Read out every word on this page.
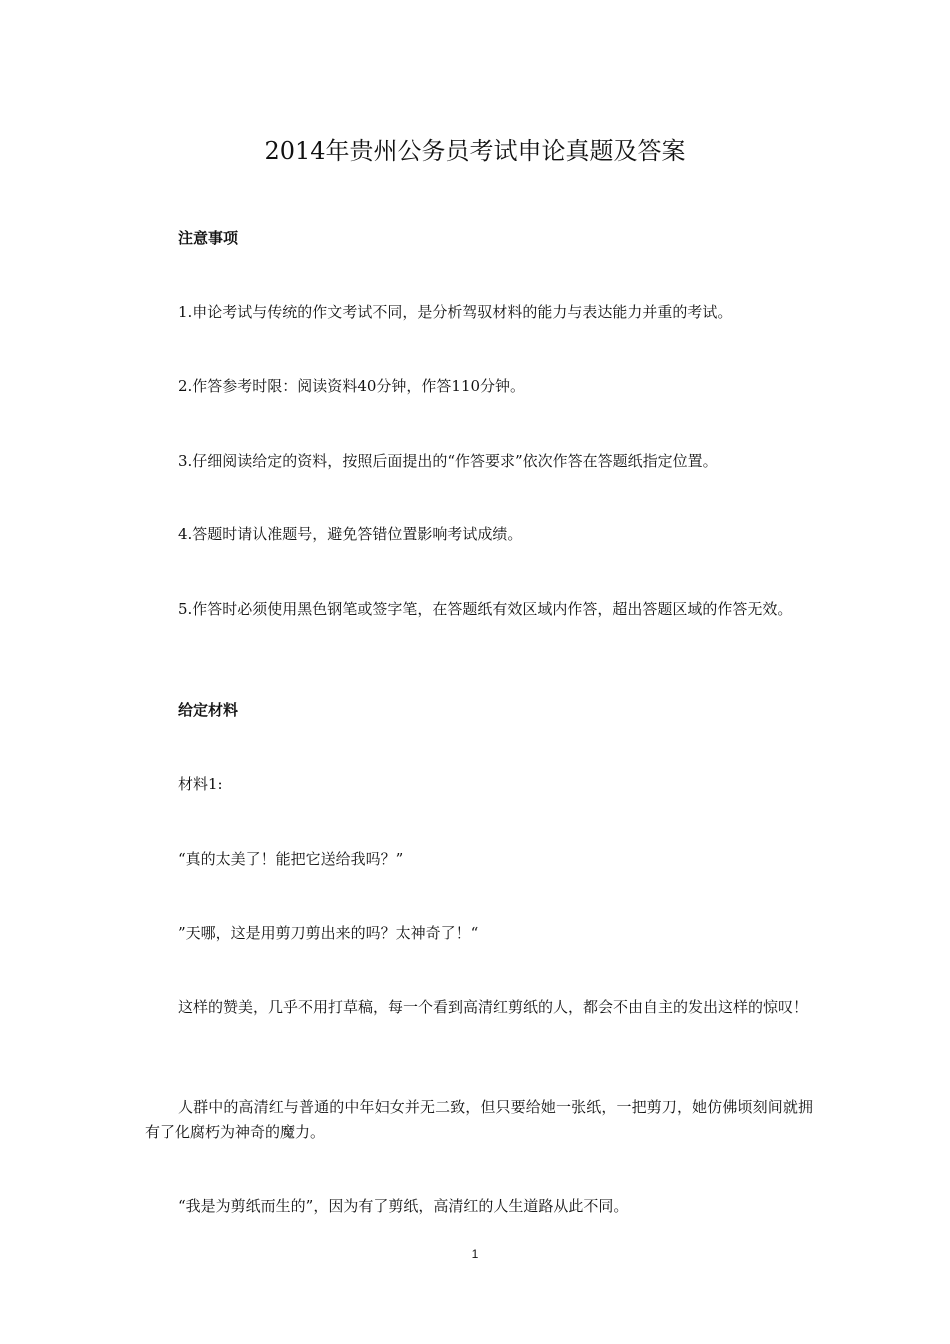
2014年贵州公务员考试申论真题及答案
注意事项

1.申论考试与传统的作文考试不同，是分析驾驭材料的能力与表达能力并重的考试。

2.作答参考时限：阅读资料40分钟，作答110分钟。

3.仔细阅读给定的资料，按照后面提出的“作答要求”依次作答在答题纸指定位置。

4.答题时请认准题号，避免答错位置影响考试成绩。

5.作答时必须使用黑色钢笔或签字笔，在答题纸有效区域内作答，超出答题区域的作答无效。

给定材料

材料1:

“真的太美了！能把它送给我吗？”

”天哪，这是用剪刀剪出来的吗？太神奇了！“

这样的赞美，几乎不用打草稿，每一个看到高清红剪纸的人，都会不由自主的发出这样的惊叹！

人群中的高清红与普通的中年妇女并无二致，但只要给她一张纸，一把剪刀，她仿佛顷刻间就拥有了化腐朽为神奇的魔力。

“我是为剪纸而生的”，因为有了剪纸，高清红的人生道路从此不同。

1
